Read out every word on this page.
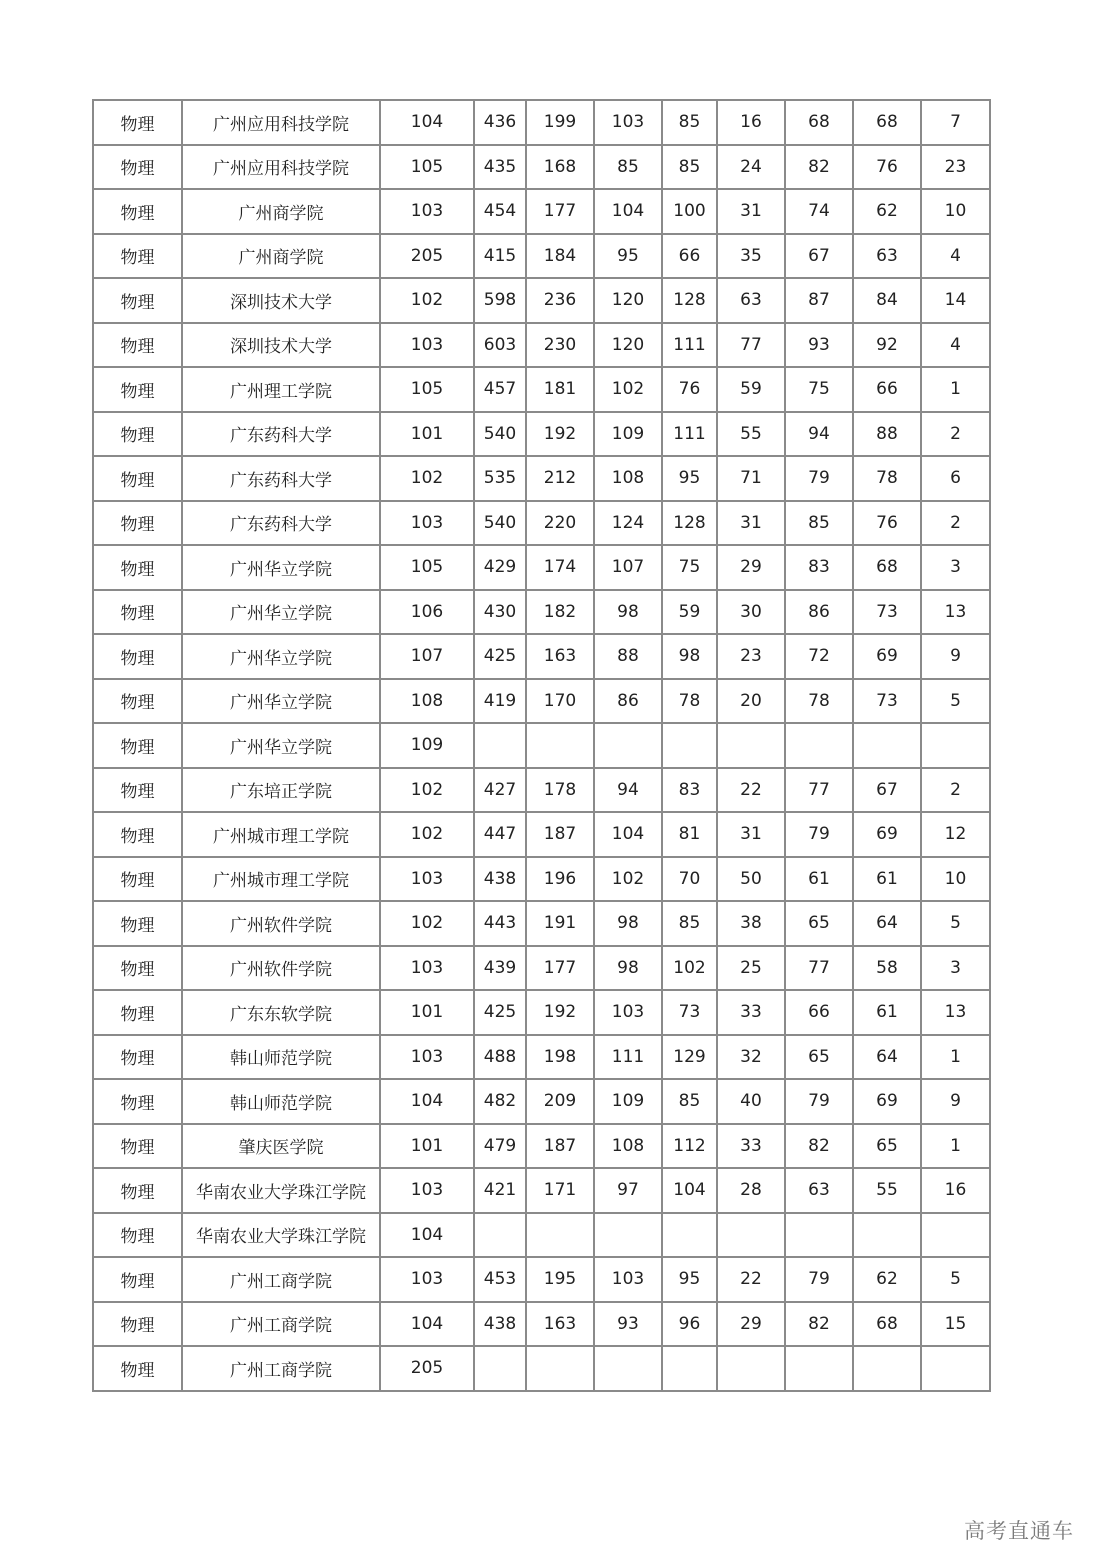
物理	广州应用科技学院	104	436	199	103	85	16	68	68	7
物理	广州应用科技学院	105	435	168	85	85	24	82	76	23
物理	广州商学院	103	454	177	104	100	31	74	62	10
物理	广州商学院	205	415	184	95	66	35	67	63	4
物理	深圳技术大学	102	598	236	120	128	63	87	84	14
物理	深圳技术大学	103	603	230	120	111	77	93	92	4
物理	广州理工学院	105	457	181	102	76	59	75	66	1
物理	广东药科大学	101	540	192	109	111	55	94	88	2
物理	广东药科大学	102	535	212	108	95	71	79	78	6
物理	广东药科大学	103	540	220	124	128	31	85	76	2
物理	广州华立学院	105	429	174	107	75	29	83	68	3
物理	广州华立学院	106	430	182	98	59	30	86	73	13
物理	广州华立学院	107	425	163	88	98	23	72	69	9
物理	广州华立学院	108	419	170	86	78	20	78	73	5
物理	广州华立学院	109								
物理	广东培正学院	102	427	178	94	83	22	77	67	2
物理	广州城市理工学院	102	447	187	104	81	31	79	69	12
物理	广州城市理工学院	103	438	196	102	70	50	61	61	10
物理	广州软件学院	102	443	191	98	85	38	65	64	5
物理	广州软件学院	103	439	177	98	102	25	77	58	3
物理	广东东软学院	101	425	192	103	73	33	66	61	13
物理	韩山师范学院	103	488	198	111	129	32	65	64	1
物理	韩山师范学院	104	482	209	109	85	40	79	69	9
物理	肇庆医学院	101	479	187	108	112	33	82	65	1
物理	华南农业大学珠江学院	103	421	171	97	104	28	63	55	16
物理	华南农业大学珠江学院	104								
物理	广州工商学院	103	453	195	103	95	22	79	62	5
物理	广州工商学院	104	438	163	93	96	29	82	68	15
物理	广州工商学院	205								
高考直通车
